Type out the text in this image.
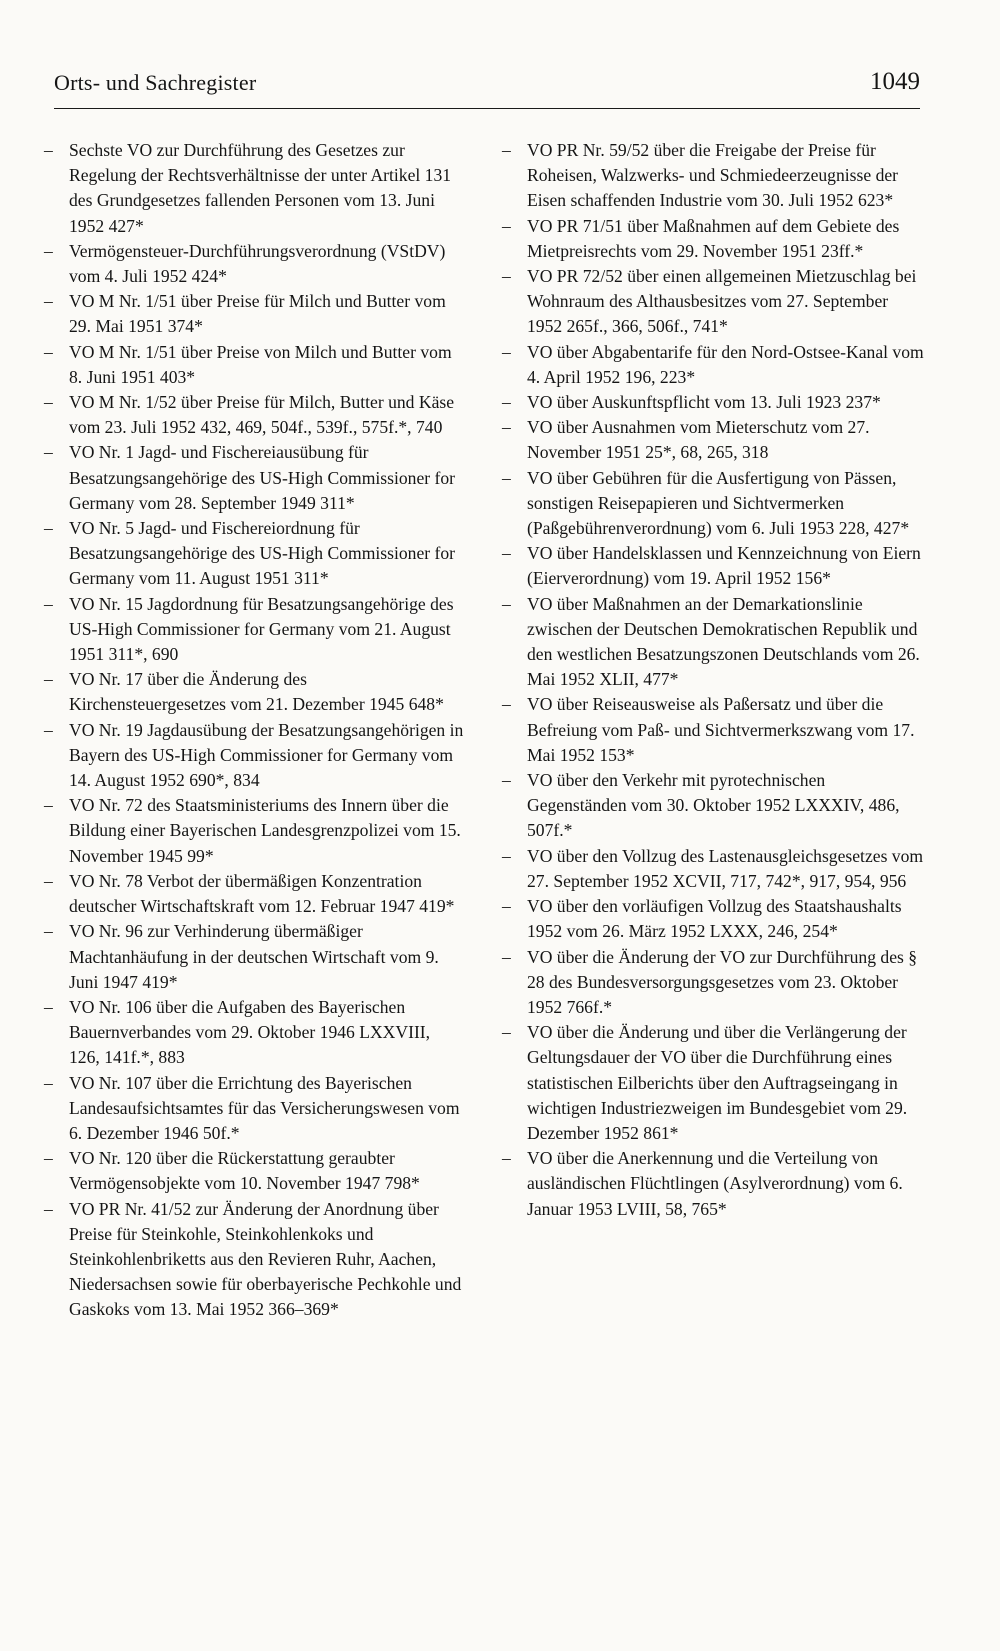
Orts- und Sachregister	1049
– Sechste VO zur Durchführung des Gesetzes zur Regelung der Rechtsverhältnisse der unter Artikel 131 des Grundgesetzes fallenden Personen vom 13. Juni 1952 427*
– Vermögensteuer-Durchführungsverordnung (VStDV) vom 4. Juli 1952 424*
– VO M Nr. 1/51 über Preise für Milch und Butter vom 29. Mai 1951 374*
– VO M Nr. 1/51 über Preise von Milch und Butter vom 8. Juni 1951 403*
– VO M Nr. 1/52 über Preise für Milch, Butter und Käse vom 23. Juli 1952 432, 469, 504f., 539f., 575f.*, 740
– VO Nr. 1 Jagd- und Fischereiausübung für Besatzungsangehörige des US-High Commissioner for Germany vom 28. September 1949 311*
– VO Nr. 5 Jagd- und Fischereiordnung für Besatzungsangehörige des US-High Commissioner for Germany vom 11. August 1951 311*
– VO Nr. 15 Jagdordnung für Besatzungsangehörige des US-High Commissioner for Germany vom 21. August 1951 311*, 690
– VO Nr. 17 über die Änderung des Kirchensteuergesetzes vom 21. Dezember 1945 648*
– VO Nr. 19 Jagdausübung der Besatzungsangehörigen in Bayern des US-High Commissioner for Germany vom 14. August 1952 690*, 834
– VO Nr. 72 des Staatsministeriums des Innern über die Bildung einer Bayerischen Landesgrenzpolizei vom 15. November 1945 99*
– VO Nr. 78 Verbot der übermäßigen Konzentration deutscher Wirtschaftskraft vom 12. Februar 1947 419*
– VO Nr. 96 zur Verhinderung übermäßiger Machtanhäufung in der deutschen Wirtschaft vom 9. Juni 1947 419*
– VO Nr. 106 über die Aufgaben des Bayerischen Bauernverbandes vom 29. Oktober 1946 LXXVIII, 126, 141f.*, 883
– VO Nr. 107 über die Errichtung des Bayerischen Landesaufsichtsamtes für das Versicherungswesen vom 6. Dezember 1946 50f.*
– VO Nr. 120 über die Rückerstattung geraubter Vermögensobjekte vom 10. November 1947 798*
– VO PR Nr. 41/52 zur Änderung der Anordnung über Preise für Steinkohle, Steinkohlenkoks und Steinkohlenbriketts aus den Revieren Ruhr, Aachen, Niedersachsen sowie für oberbayerische Pechkohle und Gaskoks vom 13. Mai 1952 366–369*
– VO PR Nr. 59/52 über die Freigabe der Preise für Roheisen, Walzwerks- und Schmiedeerzeugnisse der Eisen schaffenden Industrie vom 30. Juli 1952 623*
– VO PR 71/51 über Maßnahmen auf dem Gebiete des Mietpreisrechts vom 29. November 1951 23ff.*
– VO PR 72/52 über einen allgemeinen Mietzuschlag bei Wohnraum des Althausbesitzes vom 27. September 1952 265f., 366, 506f., 741*
– VO über Abgabentarife für den Nord-Ostsee-Kanal vom 4. April 1952 196, 223*
– VO über Auskunftspflicht vom 13. Juli 1923 237*
– VO über Ausnahmen vom Mieterschutz vom 27. November 1951 25*, 68, 265, 318
– VO über Gebühren für die Ausfertigung von Pässen, sonstigen Reisepapieren und Sichtvermerken (Paßgebührenverordnung) vom 6. Juli 1953 228, 427*
– VO über Handelsklassen und Kennzeichnung von Eiern (Eierverordnung) vom 19. April 1952 156*
– VO über Maßnahmen an der Demarkationslinie zwischen der Deutschen Demokratischen Republik und den westlichen Besatzungszonen Deutschlands vom 26. Mai 1952 XLII, 477*
– VO über Reiseausweise als Paßersatz und über die Befreiung vom Paß- und Sichtvermerkszwang vom 17. Mai 1952 153*
– VO über den Verkehr mit pyrotechnischen Gegenständen vom 30. Oktober 1952 LXXXIV, 486, 507f.*
– VO über den Vollzug des Lastenausgleichsgesetzes vom 27. September 1952 XCVII, 717, 742*, 917, 954, 956
– VO über den vorläufigen Vollzug des Staatshaushalts 1952 vom 26. März 1952 LXXX, 246, 254*
– VO über die Änderung der VO zur Durchführung des § 28 des Bundesversorgungsgesetzes vom 23. Oktober 1952 766f.*
– VO über die Änderung und über die Verlängerung der Geltungsdauer der VO über die Durchführung eines statistischen Eilberichts über den Auftragseingang in wichtigen Industriezweigen im Bundesgebiet vom 29. Dezember 1952 861*
– VO über die Anerkennung und die Verteilung von ausländischen Flüchtlingen (Asylverordnung) vom 6. Januar 1953 LVIII, 58, 765*
